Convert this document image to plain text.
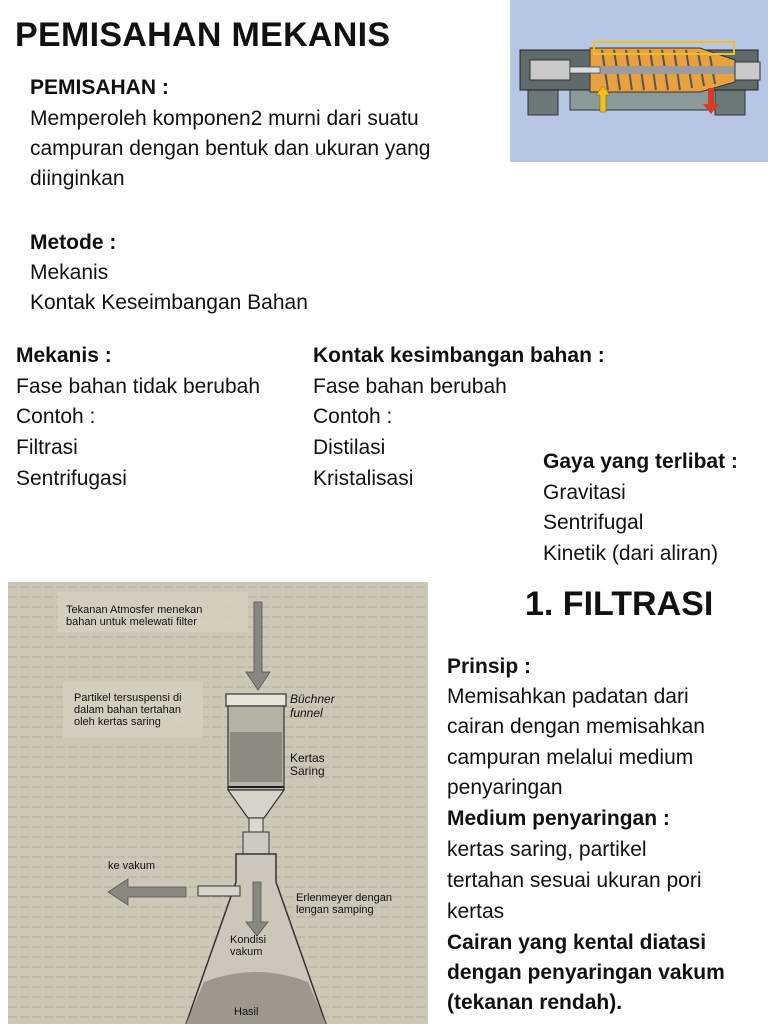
PEMISAHAN MEKANIS
PEMISAHAN :
Memperoleh komponen2 murni dari suatu
campuran dengan bentuk dan ukuran yang
diinginkan
Metode :
Mekanis
Kontak Keseimbangan Bahan
Mekanis :
Fase bahan tidak berubah
Contoh :
Filtrasi
Sentrifugasi
Kontak kesimbangan bahan :
Fase bahan berubah
Contoh :
Distilasi
Kristalisasi
Gaya yang terlibat :
Gravitasi
Sentrifugal
Kinetik (dari aliran)
Tekanan Atmosfer menekan
bahan untuk melewati filter
Partikel tersuspensi di
dalam bahan tertahan
oleh kertas saring
Büchner
funnel
Kertas
Saring
ke vakum
Erlenmeyer dengan
lengan samping
Kondisi
vakum
Hasil
1. FILTRASI
Prinsip :
Memisahkan padatan dari
cairan dengan memisahkan
campuran melalui medium
penyaringan
Medium penyaringan :
kertas saring, partikel
tertahan sesuai ukuran pori
kertas
Cairan yang kental diatasi
dengan penyaringan vakum
(tekanan rendah).
